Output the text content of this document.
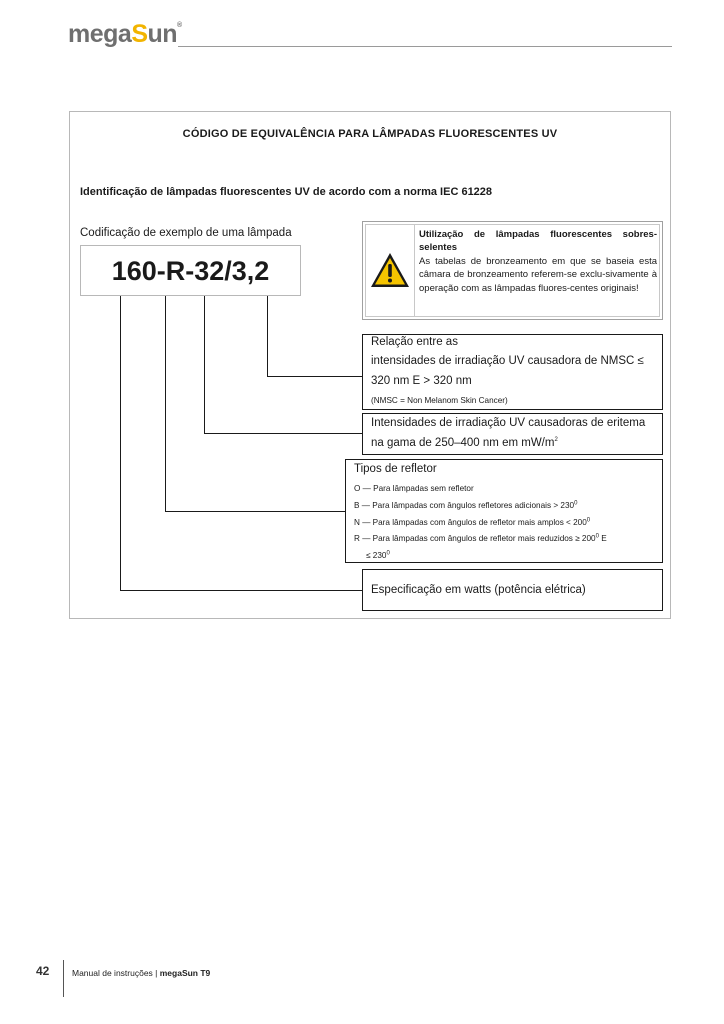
megaSun®
CÓDIGO DE EQUIVALÊNCIA PARA LÂMPADAS FLUORESCENTES UV
Identificação de lâmpadas fluorescentes UV de acordo com a norma IEC 61228
Codificação de exemplo de uma lâmpada
160-R-32/3,2
Utilização de lâmpadas fluorescentes sobres-selentes
As tabelas de bronzeamento em que se baseia esta câmara de bronzeamento referem-se exclu-sivamente à operação com as lâmpadas fluores-centes originais!
Relação entre as
intensidades de irradiação UV causadora de NMSC ≤
320 nm E > 320 nm
(NMSC = Non Melanom Skin Cancer)
Intensidades de irradiação UV causadoras de eritema
na gama de 250–400 nm em $mW/m^2$
Tipos de refletor
O — Para lâmpadas sem refletor
B — Para lâmpadas com ângulos refletores adicionais > $230^0$
N — Para lâmpadas com ângulos de refletor mais amplos < $200^0$
R — Para lâmpadas com ângulos de refletor mais reduzidos ≥ $200^0$ E
≤ $230^0$
Especificação em watts (potência elétrica)
42	Manual de instruções | megaSun T9
